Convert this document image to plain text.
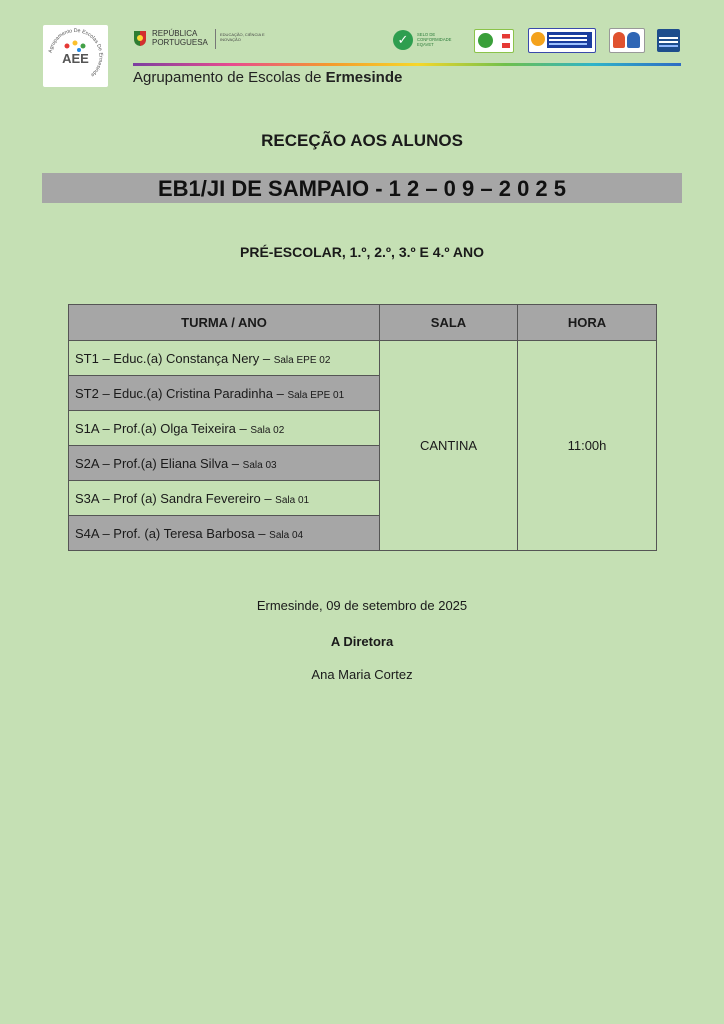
Agrupamento De Escolas De Ermesinde
AEE
REPÚBLICA
PORTUGUESA
EDUCAÇÃO, CIÊNCIA E INOVAÇÃO	✓	SELO DE CONFORMIDADE EQAVET
Agrupamento de Escolas de Ermesinde
RECEÇÃO AOS ALUNOS
EB1/JI DE SAMPAIO - 1 2 – 0 9 – 2 0 2 5
PRÉ-ESCOLAR, 1.º, 2.º, 3.º E 4.º ANO
TURMA / ANO	SALA	HORA
ST1 – Educ.(a) Constança Nery – Sala EPE 02	CANTINA	11:00h
ST2 – Educ.(a) Cristina Paradinha – Sala EPE 01		
S1A – Prof.(a) Olga Teixeira – Sala 02		
S2A – Prof.(a) Eliana Silva – Sala 03		
S3A – Prof (a) Sandra Fevereiro – Sala 01		
S4A – Prof. (a) Teresa Barbosa – Sala 04		
Ermesinde, 09 de setembro de 2025
A Diretora
Ana Maria Cortez
